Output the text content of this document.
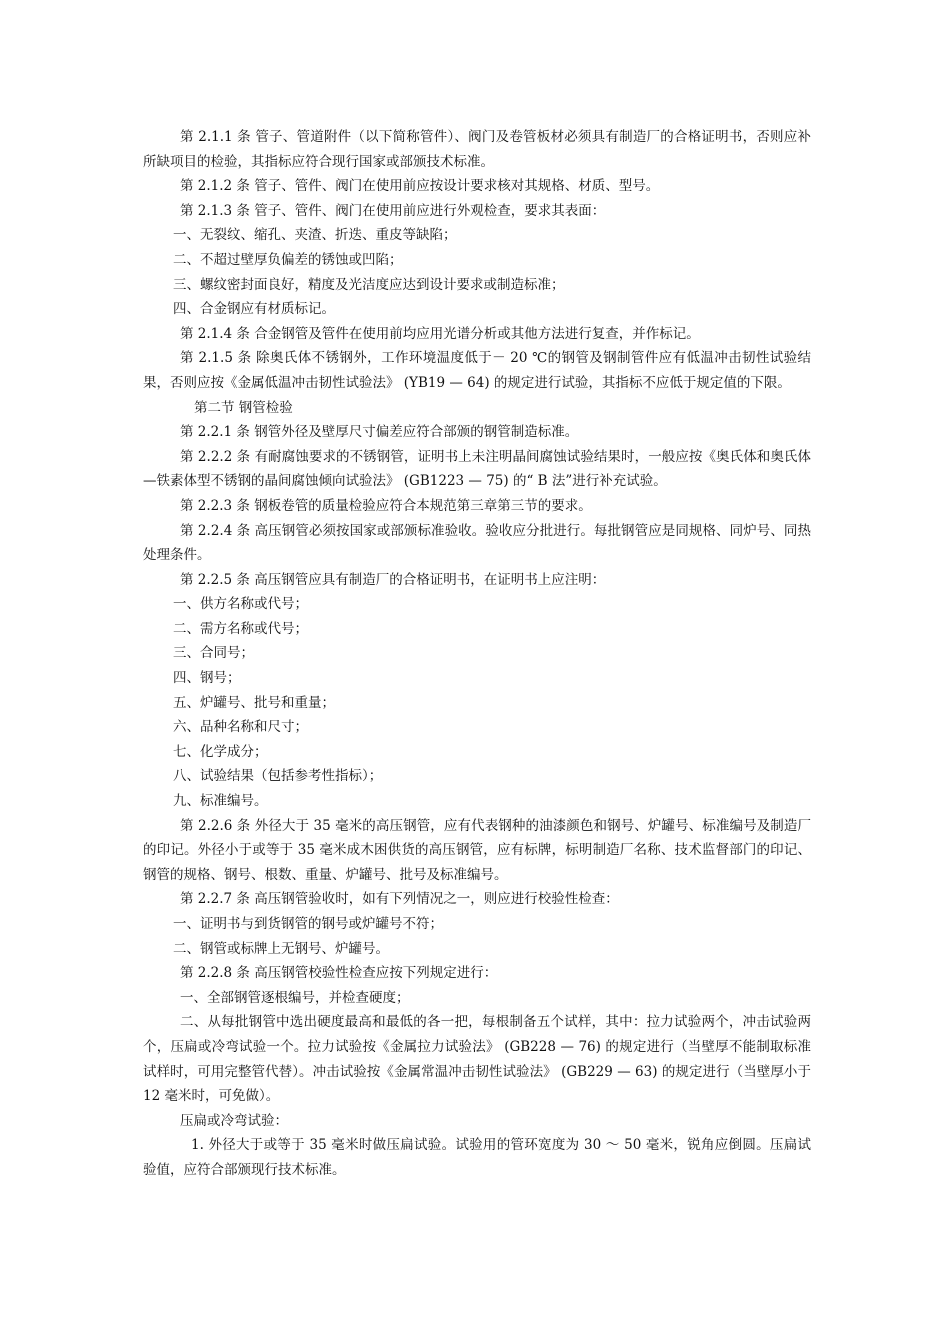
第 2.1.1 条 管子、管道附件（以下简称管件）、阀门及卷管板材必须具有制造厂的合格证明书，否则应补所缺项目的检验，其指标应符合现行国家或部颁技术标准。

第 2.1.2 条 管子、管件、阀门在使用前应按设计要求核对其规格、材质、型号。

第 2.1.3 条 管子、管件、阀门在使用前应进行外观检查，要求其表面：

一、无裂纹、缩孔、夹渣、折迭、重皮等缺陷；

二、不超过壁厚负偏差的锈蚀或凹陷；

三、螺纹密封面良好，精度及光洁度应达到设计要求或制造标准；

四、合金钢应有材质标记。

第 2.1.4 条 合金钢管及管件在使用前均应用光谱分析或其他方法进行复查，并作标记。

第 2.1.5 条 除奥氏体不锈钢外，工作环境温度低于－ 20 ℃的钢管及钢制管件应有低温冲击韧性试验结果，否则应按《金属低温冲击韧性试验法》 (YB19 — 64) 的规定进行试验，其指标不应低于规定值的下限。

第二节 钢管检验

第 2.2.1 条 钢管外径及壁厚尺寸偏差应符合部颁的钢管制造标准。

第 2.2.2 条 有耐腐蚀要求的不锈钢管，证明书上未注明晶间腐蚀试验结果时，一般应按《奥氏体和奥氏体—铁素体型不锈钢的晶间腐蚀倾向试验法》 (GB1223 — 75) 的“ B 法”进行补充试验。

第 2.2.3 条 钢板卷管的质量检验应符合本规范第三章第三节的要求。

第 2.2.4 条 高压钢管必须按国家或部颁标准验收。验收应分批进行。每批钢管应是同规格、同炉号、同热处理条件。

第 2.2.5 条 高压钢管应具有制造厂的合格证明书，在证明书上应注明：

一、供方名称或代号；

二、需方名称或代号；

三、合同号；

四、钢号；

五、炉罐号、批号和重量；

六、品种名称和尺寸；

七、化学成分；

八、试验结果（包括参考性指标）；

九、标准编号。

第 2.2.6 条 外径大于 35 毫米的高压钢管，应有代表钢种的油漆颜色和钢号、炉罐号、标准编号及制造厂的印记。外径小于或等于 35 毫米成木困供货的高压钢管，应有标牌，标明制造厂名称、技术监督部门的印记、钢管的规格、钢号、根数、重量、炉罐号、批号及标准编号。

第 2.2.7 条 高压钢管验收时，如有下列情况之一，则应进行校验性检查：

一、证明书与到货钢管的钢号或炉罐号不符；

二、钢管或标牌上无钢号、炉罐号。

第 2.2.8 条 高压钢管校验性检查应按下列规定进行：

一、全部钢管逐根编号，并检查硬度；

二、从每批钢管中选出硬度最高和最低的各一把，每根制备五个试样，其中：拉力试验两个，冲击试验两个，压扁或冷弯试验一个。拉力试验按《金属拉力试验法》 (GB228 — 76) 的规定进行（当壁厚不能制取标准试样时，可用完整管代替）。冲击试验按《金属常温冲击韧性试验法》 (GB229 — 63) 的规定进行（当壁厚小于 12 毫米时，可免做）。

压扁或冷弯试验：

1. 外径大于或等于 35 毫米时做压扁试验。试验用的管环宽度为 30 ～ 50 毫米，锐角应倒圆。压扁试验值，应符合部颁现行技术标准。
